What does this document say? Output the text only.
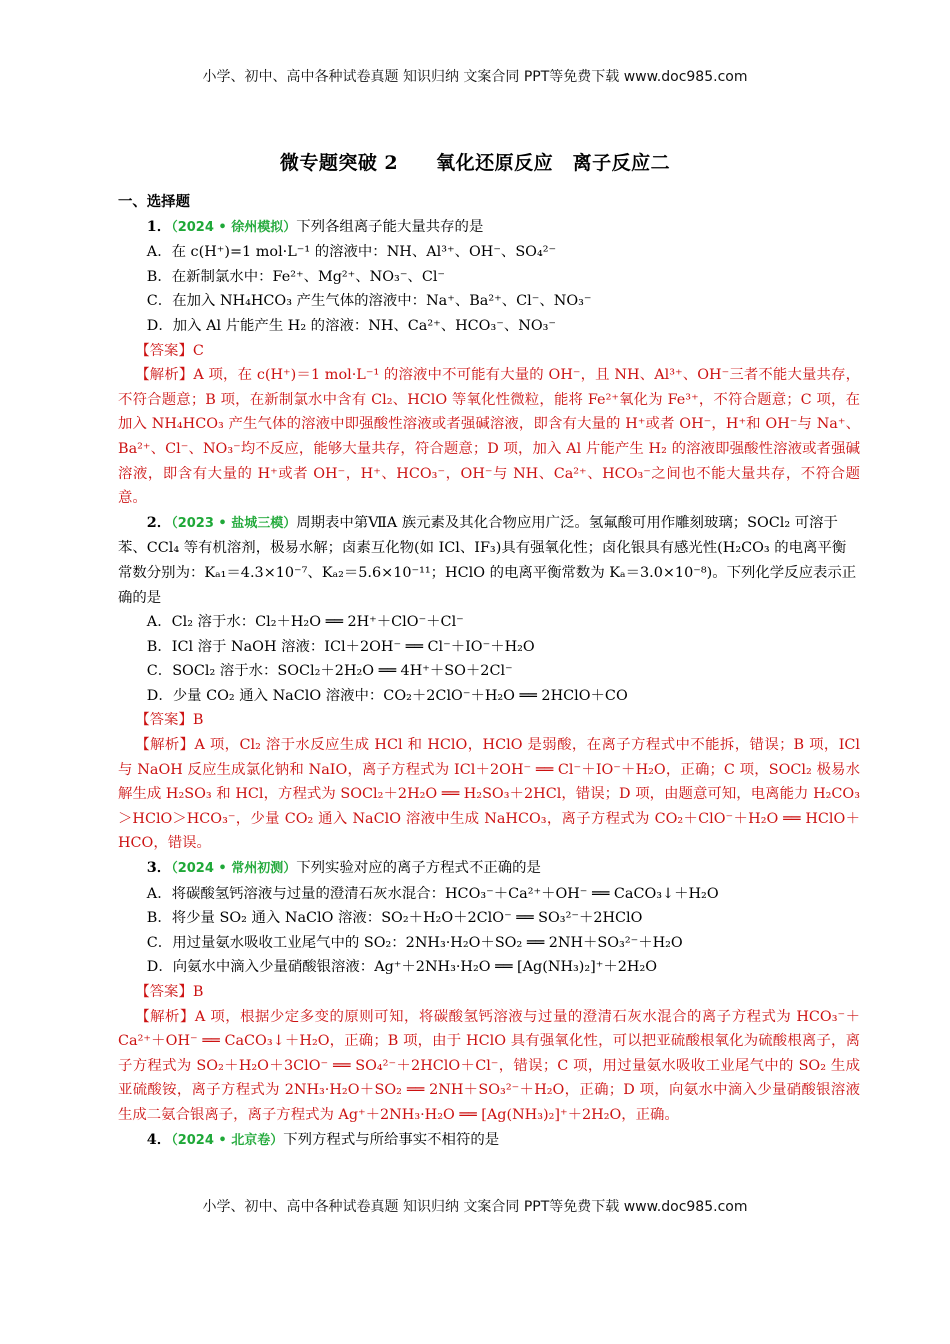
小学、初中、高中各种试卷真题 知识归纳 文案合同 PPT等免费下载 www.doc985.com
微专题突破 2 氧化还原反应　离子反应二

一、选择题

1．（2024 • 徐州模拟）下列各组离子能大量共存的是

A．在 c(H⁺)=1 mol·L⁻¹ 的溶液中：NH、Al³⁺、OH⁻、SO₄²⁻

B．在新制氯水中：Fe²⁺、Mg²⁺、NO₃⁻、Cl⁻

C．在加入 NH₄HCO₃ 产生气体的溶液中：Na⁺、Ba²⁺、Cl⁻、NO₃⁻

D．加入 Al 片能产生 H₂ 的溶液：NH、Ca²⁺、HCO₃⁻、NO₃⁻

【答案】C

【解析】A 项，在 c(H⁺)＝1 mol·L⁻¹ 的溶液中不可能有大量的 OH⁻，且 NH、Al³⁺、OH⁻三者不能大量共存，不符合题意；B 项，在新制氯水中含有 Cl₂、HClO 等氧化性微粒，能将 Fe²⁺氧化为 Fe³⁺，不符合题意；C 项，在加入 NH₄HCO₃ 产生气体的溶液中即强酸性溶液或者强碱溶液，即含有大量的 H⁺或者 OH⁻，H⁺和 OH⁻与 Na⁺、Ba²⁺、Cl⁻、NO₃⁻均不反应，能够大量共存，符合题意；D 项，加入 Al 片能产生 H₂ 的溶液即强酸性溶液或者强碱溶液，即含有大量的 H⁺或者 OH⁻，H⁺、HCO₃⁻，OH⁻与 NH、Ca²⁺、HCO₃⁻之间也不能大量共存，不符合题意。

2．（2023 • 盐城三模）周期表中第ⅦA 族元素及其化合物应用广泛。氢氟酸可用作雕刻玻璃；SOCl₂ 可溶于苯、CCl₄ 等有机溶剂，极易水解；卤素互化物(如 ICl、IF₃)具有强氧化性；卤化银具有感光性(H₂CO₃ 的电离平衡常数分别为：Kₐ₁＝4.3×10⁻⁷、Kₐ₂＝5.6×10⁻¹¹；HClO 的电离平衡常数为 Kₐ＝3.0×10⁻⁸)。下列化学反应表示正确的是

A．Cl₂ 溶于水：Cl₂＋H₂O ══ 2H⁺＋ClO⁻＋Cl⁻

B．ICl 溶于 NaOH 溶液：ICl＋2OH⁻ ══ Cl⁻＋IO⁻＋H₂O

C．SOCl₂ 溶于水：SOCl₂＋2H₂O ══ 4H⁺＋SO＋2Cl⁻

D．少量 CO₂ 通入 NaClO 溶液中：CO₂＋2ClO⁻＋H₂O ══ 2HClO＋CO

【答案】B

【解析】A 项，Cl₂ 溶于水反应生成 HCl 和 HClO，HClO 是弱酸，在离子方程式中不能拆，错误；B 项，ICl 与 NaOH 反应生成氯化钠和 NaIO，离子方程式为 ICl＋2OH⁻ ══ Cl⁻＋IO⁻＋H₂O，正确；C 项，SOCl₂ 极易水解生成 H₂SO₃ 和 HCl，方程式为 SOCl₂＋2H₂O ══ H₂SO₃＋2HCl，错误；D 项，由题意可知，电离能力 H₂CO₃＞HClO＞HCO₃⁻，少量 CO₂ 通入 NaClO 溶液中生成 NaHCO₃，离子方程式为 CO₂＋ClO⁻＋H₂O ══ HClO＋HCO，错误。

3．（2024 • 常州初测）下列实验对应的离子方程式不正确的是

A．将碳酸氢钙溶液与过量的澄清石灰水混合：HCO₃⁻＋Ca²⁺＋OH⁻ ══ CaCO₃↓＋H₂O

B．将少量 SO₂ 通入 NaClO 溶液：SO₂＋H₂O＋2ClO⁻ ══ SO₃²⁻＋2HClO

C．用过量氨水吸收工业尾气中的 SO₂：2NH₃·H₂O＋SO₂ ══ 2NH＋SO₃²⁻＋H₂O

D．向氨水中滴入少量硝酸银溶液：Ag⁺＋2NH₃·H₂O ══ [Ag(NH₃)₂]⁺＋2H₂O

【答案】B

【解析】A 项，根据少定多变的原则可知，将碳酸氢钙溶液与过量的澄清石灰水混合的离子方程式为 HCO₃⁻＋Ca²⁺＋OH⁻ ══ CaCO₃↓＋H₂O，正确；B 项，由于 HClO 具有强氧化性，可以把亚硫酸根氧化为硫酸根离子，离子方程式为 SO₂＋H₂O＋3ClO⁻ ══ SO₄²⁻＋2HClO＋Cl⁻，错误；C 项，用过量氨水吸收工业尾气中的 SO₂ 生成亚硫酸铵，离子方程式为 2NH₃·H₂O＋SO₂ ══ 2NH＋SO₃²⁻＋H₂O，正确；D 项，向氨水中滴入少量硝酸银溶液生成二氨合银离子，离子方程式为 Ag⁺＋2NH₃·H₂O ══ [Ag(NH₃)₂]⁺＋2H₂O，正确。

4．（2024 • 北京卷）下列方程式与所给事实不相符的是

小学、初中、高中各种试卷真题 知识归纳 文案合同 PPT等免费下载 www.doc985.com
